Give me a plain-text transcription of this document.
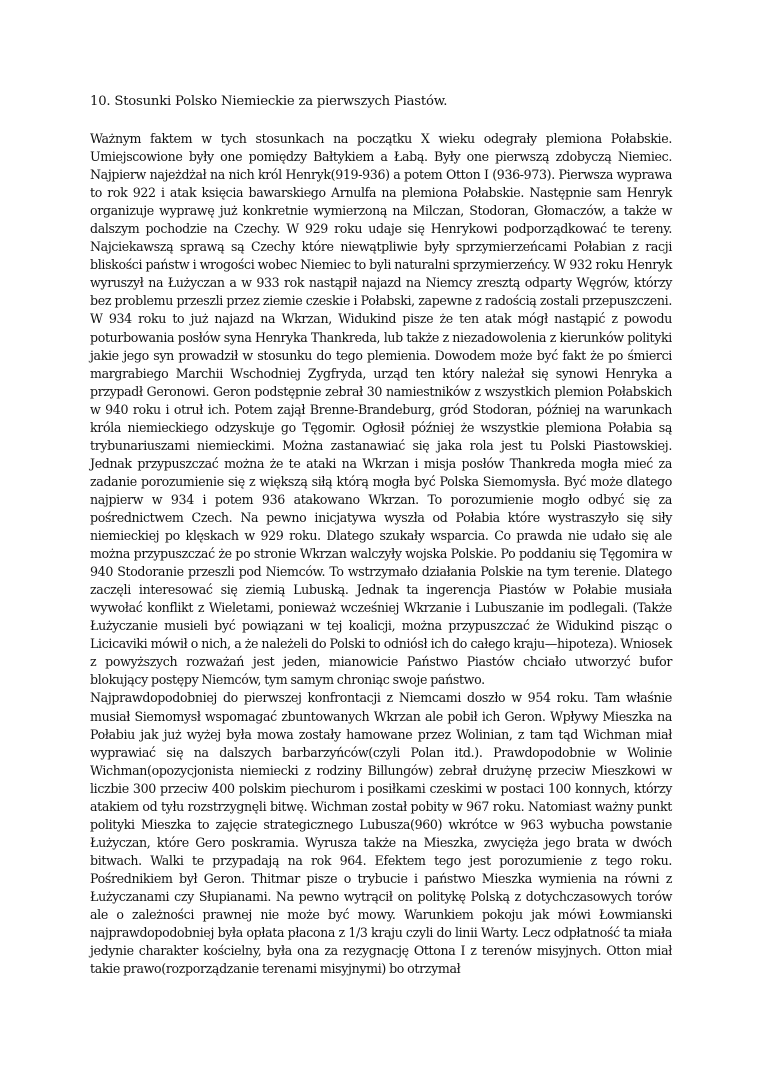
10. Stosunki Polsko Niemieckie za pierwszych Piastów.

Ważnym faktem w tych stosunkach na początku X wieku odegrały plemiona Połabskie. Umiejscowione były one pomiędzy Bałtykiem a Łabą. Były one pierwszą zdobyczą Niemiec. Najpierw najeżdżał na nich król Henryk(919-936) a potem Otton I (936-973). Pierwsza wyprawa to rok 922 i atak księcia bawarskiego Arnulfa na plemiona Połabskie. Następnie sam Henryk organizuje wyprawę już konkretnie wymierzoną na Milczan, Stodoran, Głomaczów, a także w dalszym pochodzie na Czechy. W 929 roku udaje się Henrykowi podporządkować te tereny. Najciekawszą sprawą są Czechy które niewątpliwie były sprzymierzeńcami Połabian z racji bliskości państw i wrogości wobec Niemiec to byli naturalni sprzymierzeńcy. W 932 roku Henryk wyruszył na Łużyczan a w 933 rok nastąpił najazd na Niemcy zresztą odparty Węgrów, którzy bez problemu przeszli przez ziemie czeskie i Połabski, zapewne z radością zostali przepuszczeni. W 934 roku to już najazd na Wkrzan, Widukind pisze że ten atak mógł nastąpić z powodu poturbowania posłów syna Henryka Thankreda, lub także z niezadowolenia z kierunków polityki jakie jego syn prowadził w stosunku do tego plemienia. Dowodem może być fakt że po śmierci margrabiego Marchii Wschodniej Zygfryda, urząd ten który należał się synowi Henryka a przypadł Geronowi. Geron podstępnie zebrał 30 namiestników z wszystkich plemion Połabskich w 940 roku i otruł ich. Potem zajął Brenne-Brandeburg, gród Stodoran, później na warunkach króla niemieckiego odzyskuje go Tęgomir. Ogłosił później że wszystkie plemiona Połabia są trybunariuszami niemieckimi. Można zastanawiać się jaka rola jest tu Polski Piastowskiej. Jednak przypuszczać można że te ataki na Wkrzan i misja posłów Thankreda mogła mieć za zadanie porozumienie się z większą siłą którą mogła być Polska Siemomysła. Być może dlatego najpierw w 934 i potem 936 atakowano Wkrzan. To porozumienie mogło odbyć się za pośrednictwem Czech. Na pewno inicjatywa wyszła od Połabia które wystraszyło się siły niemieckiej po klęskach w 929 roku. Dlatego szukały wsparcia. Co prawda nie udało się ale można przypuszczać że po stronie Wkrzan walczyły wojska Polskie. Po poddaniu się Tęgomira w 940 Stodoranie przeszli pod Niemców. To wstrzymało działania Polskie na tym terenie. Dlatego zaczęli interesować się ziemią Lubuską. Jednak ta ingerencja Piastów w Połabie musiała wywołać konflikt z Wieletami, ponieważ wcześniej Wkrzanie i Lubuszanie im podlegali. (Także Łużyczanie musieli być powiązani w tej koalicji, można przypuszczać że Widukind pisząc o Licicaviki mówił o nich, a że należeli do Polski to odniósł ich do całego kraju—hipoteza). Wniosek z powyższych rozważań jest jeden, mianowicie Państwo Piastów chciało utworzyć bufor blokujący postępy Niemców, tym samym chroniąc swoje państwo.

Najprawdopodobniej do pierwszej konfrontacji z Niemcami doszło w 954 roku. Tam właśnie musiał Siemomysł wspomagać zbuntowanych Wkrzan ale pobił ich Geron. Wpływy Mieszka na Połabiu jak już wyżej była mowa zostały hamowane przez Wolinian, z tam tąd Wichman miał wyprawiać się na dalszych barbarzyńców(czyli Polan itd.). Prawdopodobnie w Wolinie Wichman(opozycjonista niemiecki z rodziny Billungów) zebrał drużynę przeciw Mieszkowi w liczbie 300 przeciw 400 polskim piechurom i posiłkami czeskimi w postaci 100 konnych, którzy atakiem od tyłu rozstrzygnęli bitwę. Wichman został pobity w 967 roku. Natomiast ważny punkt polityki Mieszka to zajęcie strategicznego Lubusza(960) wkrótce w 963 wybucha powstanie Łużyczan, które Gero poskramia. Wyrusza także na Mieszka, zwycięża jego brata w dwóch bitwach. Walki te przypadają na rok 964. Efektem tego jest porozumienie z tego roku. Pośrednikiem był Geron. Thitmar pisze o trybucie i państwo Mieszka wymienia na równi z Łużyczanami czy Słupianami. Na pewno wytrącił on politykę Polską z dotychczasowych torów ale o zależności prawnej nie może być mowy. Warunkiem pokoju jak mówi Łowmianski najprawdopodobniej była opłata płacona z 1/3 kraju czyli do linii Warty. Lecz odpłatność ta miała jedynie charakter kościelny, była ona za rezygnację Ottona I z terenów misyjnych. Otton miał takie prawo(rozporządzanie terenami misyjnymi) bo otrzymał
